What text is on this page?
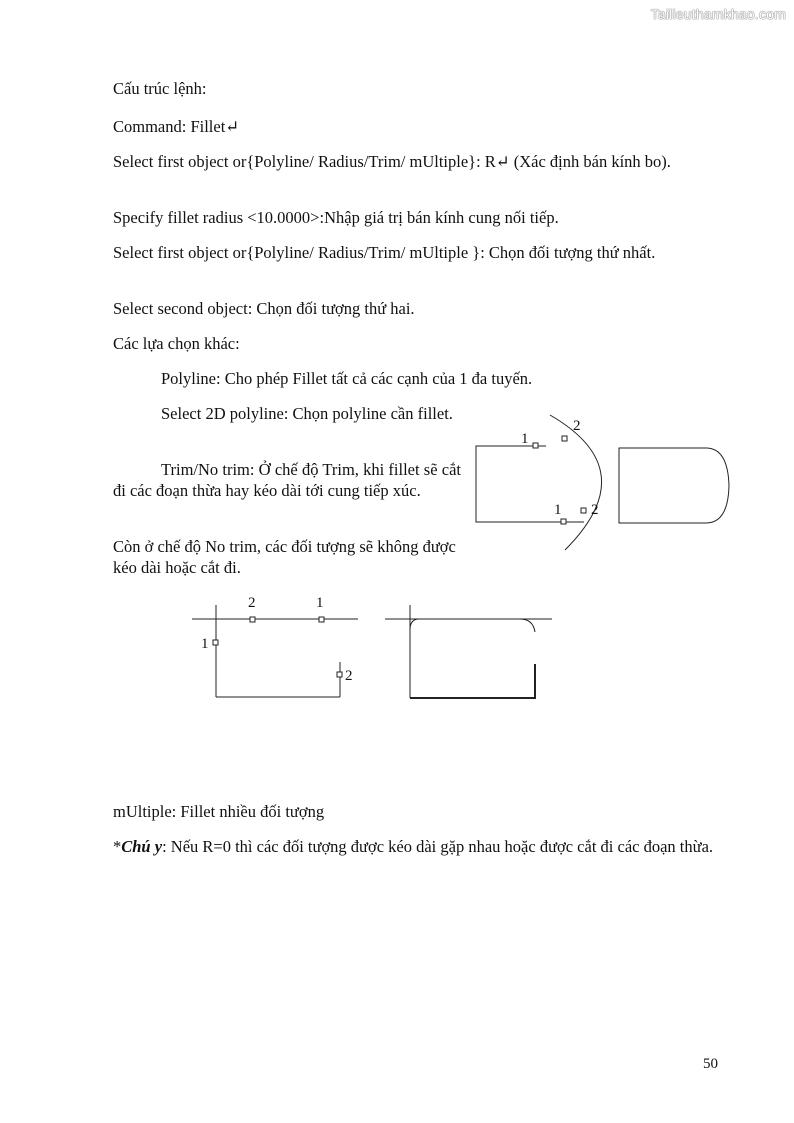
Tailieuthamkhao.com

Cấu trúc lệnh:

Command: Fillet↵

Select first object or{Polyline/ Radius/Trim/ mUltiple}: R↵ (Xác định bán kính bo).

Specify fillet radius <10.0000>:Nhập giá trị bán kính cung nối tiếp.

Select first object or{Polyline/ Radius/Trim/ mUltiple }: Chọn đối tượng thứ nhất.

Select second object: Chọn đối tượng thứ hai.

Các lựa chọn khác:

Polyline: Cho phép Fillet tất cả các cạnh của 1 đa tuyến.

Select 2D polyline: Chọn polyline cần fillet.

Trim/No trim: Ở chế độ Trim, khi fillet sẽ cắt đi các đoạn thừa hay kéo dài tới cung tiếp xúc.

Còn ở chế độ No trim, các đối tượng sẽ không được kéo dài hoặc cắt đi.

1
2
1 2
2	1
1
2

mUltiple: Fillet nhiều đối tượng

*Chú y: Nếu R=0 thì các đối tượng được kéo dài gặp nhau hoặc được cắt đi các đoạn thừa.

50
